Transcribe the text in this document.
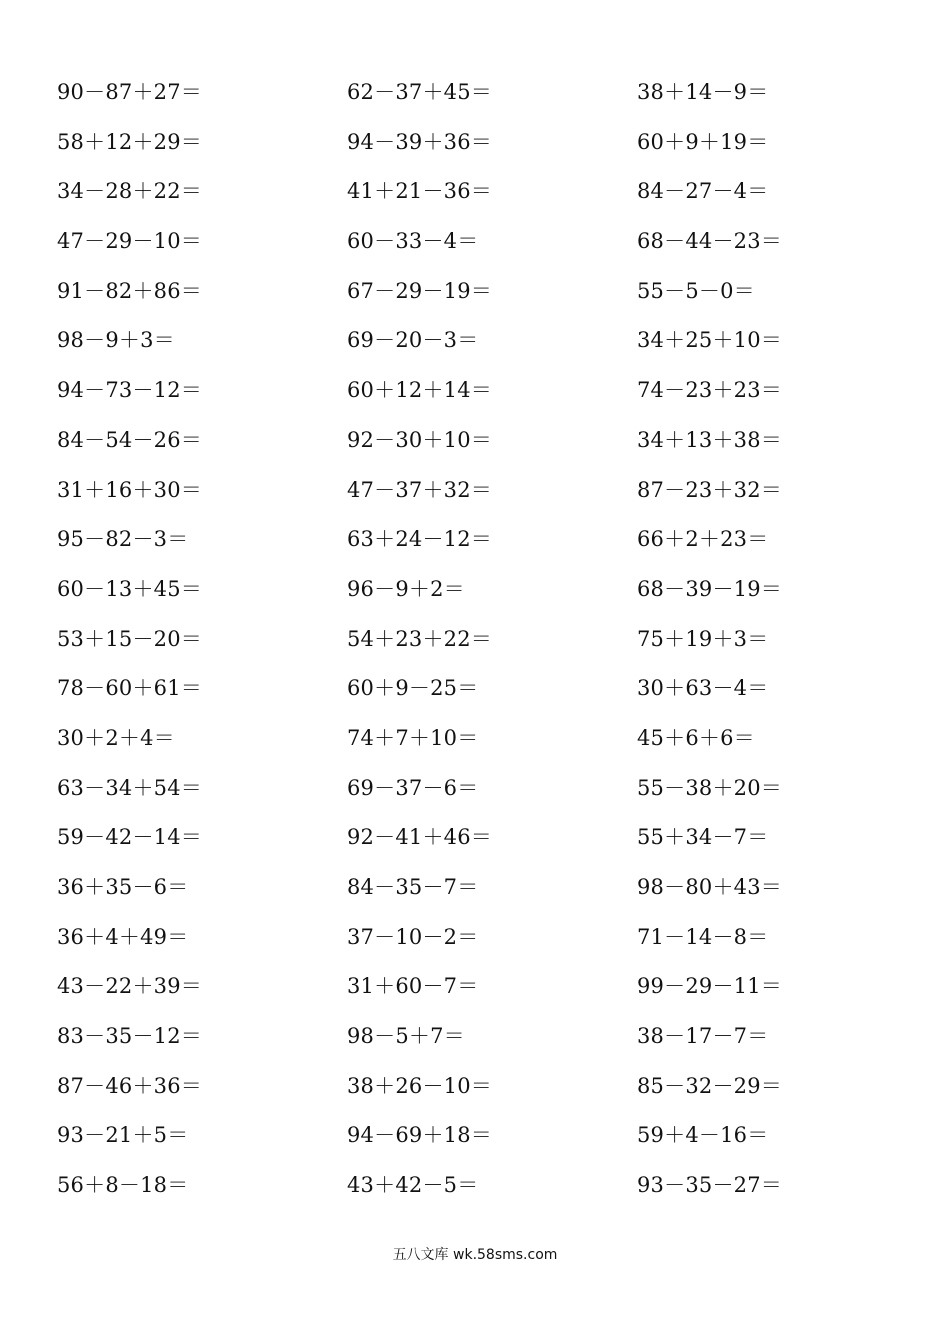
90－87＋27＝	62－37＋45＝	38＋14－9＝
58＋12＋29＝	94－39＋36＝	60＋9＋19＝
34－28＋22＝	41＋21－36＝	84－27－4＝
47－29－10＝	60－33－4＝	68－44－23＝
91－82＋86＝	67－29－19＝	55－5－0＝
98－9＋3＝	69－20－3＝	34＋25＋10＝
94－73－12＝	60＋12＋14＝	74－23＋23＝
84－54－26＝	92－30＋10＝	34＋13＋38＝
31＋16＋30＝	47－37＋32＝	87－23＋32＝
95－82－3＝	63＋24－12＝	66＋2＋23＝
60－13＋45＝	96－9＋2＝	68－39－19＝
53＋15－20＝	54＋23＋22＝	75＋19＋3＝
78－60＋61＝	60＋9－25＝	30＋63－4＝
30＋2＋4＝	74＋7＋10＝	45＋6＋6＝
63－34＋54＝	69－37－6＝	55－38＋20＝
59－42－14＝	92－41＋46＝	55＋34－7＝
36＋35－6＝	84－35－7＝	98－80＋43＝
36＋4＋49＝	37－10－2＝	71－14－8＝
43－22＋39＝	31＋60－7＝	99－29－11＝
83－35－12＝	98－5＋7＝	38－17－7＝
87－46＋36＝	38＋26－10＝	85－32－29＝
93－21＋5＝	94－69＋18＝	59＋4－16＝
56＋8－18＝	43＋42－5＝	93－35－27＝
五八文库 wk.58sms.com
